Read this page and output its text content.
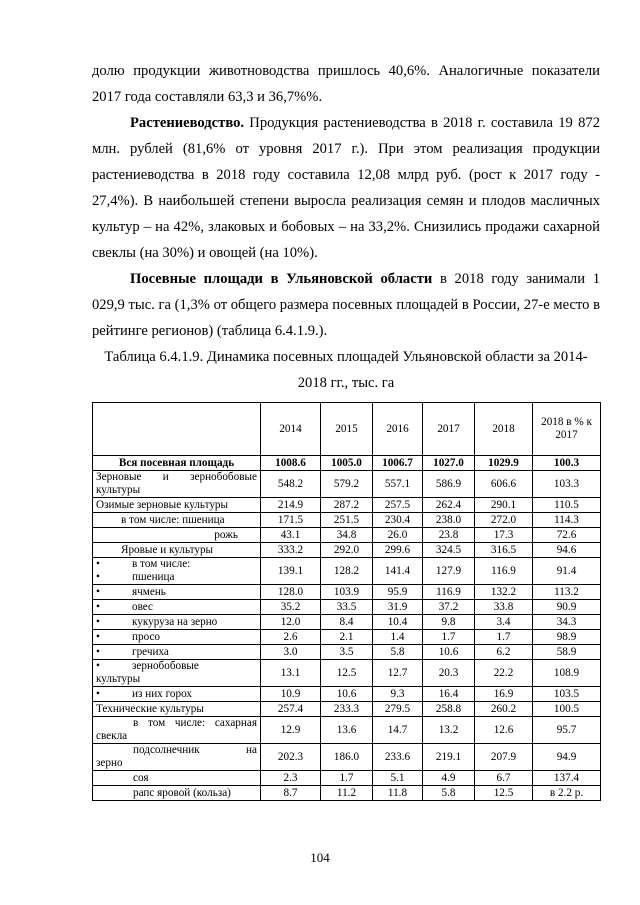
долю продукции животноводства пришлось 40,6%. Аналогичные показатели 2017 года составляли 63,3 и 36,7%%.

Растениеводство. Продукция растениеводства в 2018 г. составила 19 872 млн. рублей (81,6% от уровня 2017 г.). При этом реализация продукции растениеводства в 2018 году составила 12,08 млрд руб. (рост к 2017 году - 27,4%). В наибольшей степени выросла реализация семян и плодов масличных культур – на 42%, злаковых и бобовых – на 33,2%. Снизились продажи сахарной свеклы (на 30%) и овощей (на 10%).

Посевные площади в Ульяновской области в 2018 году занимали 1 029,9 тыс. га (1,3% от общего размера посевных площадей в России, 27-е место в рейтинге регионов) (таблица 6.4.1.9.).

Таблица 6.4.1.9. Динамика посевных площадей Ульяновской области за 2014-
2018 гг., тыс. га

	2014	2015	2016	2017	2018	2018 в % к 2017
Вся посевная площадь	1008.6	1005.0	1006.7	1027.0	1029.9	100.3
Зерновые и зернобобовые культуры	548.2	579.2	557.1	586.9	606.6	103.3
Озимые зерновые культуры	214.9	287.2	257.5	262.4	290.1	110.5
в том числе: пшеница	171.5	251.5	230.4	238.0	272.0	114.3
рожь	43.1	34.8	26.0	23.8	17.3	72.6
Яровые и культуры	333.2	292.0	299.6	324.5	316.5	94.6

• в том числе:
• пшеница	139.1	128.2	141.4	127.9	116.9	91.4

• ячмень	128.0	103.9	95.9	116.9	132.2	113.2

• овес	35.2	33.5	31.9	37.2	33.8	90.9

• кукуруза на зерно	12.0	8.4	10.4	9.8	3.4	34.3

• просо	2.6	2.1	1.4	1.7	1.7	98.9

• гречиха	3.0	3.5	5.8	10.6	6.2	58.9

• зернобобовые
культуры	13.1	12.5	12.7	20.3	22.2	108.9

• из них горох	10.9	10.6	9.3	16.4	16.9	103.5
Технические культуры	257.4	233.3	279.5	258.8	260.2	100.5

в том числе: сахарная
свекла	12.9	13.6	14.7	13.2	12.6	95.7

подсолнечник на
зерно	202.3	186.0	233.6	219.1	207.9	94.9
соя	2.3	1.7	5.1	4.9	6.7	137.4
рапс яровой (кольза)	8.7	11.2	11.8	5.8	12.5	в 2.2 р.
104
